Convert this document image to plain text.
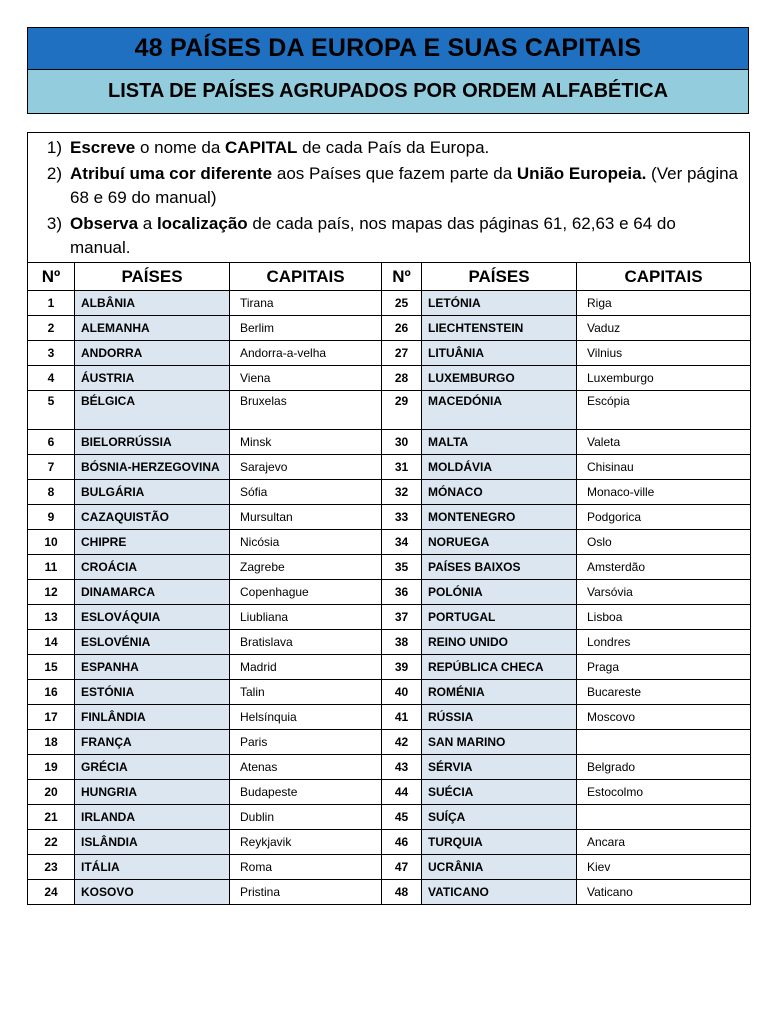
48 PAÍSES DA EUROPA E SUAS CAPITAIS
LISTA DE PAÍSES AGRUPADOS POR ORDEM ALFABÉTICA
1) Escreve o nome da CAPITAL de cada País da Europa.
2) Atribuí uma cor diferente aos Países que fazem parte da União Europeia. (Ver página 68 e 69 do manual)
3) Observa a localização de cada país, nos mapas das páginas 61, 62,63 e 64 do manual.
Nº	PAÍSES	CAPITAIS	Nº	PAÍSES	CAPITAIS
1	ALBÂNIA	Tirana	25	LETÓNIA	Riga
2	ALEMANHA	Berlim	26	LIECHTENSTEIN	Vaduz
3	ANDORRA	Andorra-a-velha	27	LITUÂNIA	Vilnius
4	ÁUSTRIA	Viena	28	LUXEMBURGO	Luxemburgo
5	BÉLGICA	Bruxelas	29	MACEDÓNIA	Escópia
6	BIELORRÚSSIA	Minsk	30	MALTA	Valeta
7	BÓSNIA-HERZEGOVINA	Sarajevo	31	MOLDÁVIA	Chisinau
8	BULGÁRIA	Sófia	32	MÓNACO	Monaco-ville
9	CAZAQUISTÃO	Mursultan	33	MONTENEGRO	Podgorica
10	CHIPRE	Nicósia	34	NORUEGA	Oslo
11	CROÁCIA	Zagrebe	35	PAÍSES BAIXOS	Amsterdão
12	DINAMARCA	Copenhague	36	POLÓNIA	Varsóvia
13	ESLOVÁQUIA	Liubliana	37	PORTUGAL	Lisboa
14	ESLOVÉNIA	Bratislava	38	REINO UNIDO	Londres
15	ESPANHA	Madrid	39	REPÚBLICA CHECA	Praga
16	ESTÓNIA	Talin	40	ROMÉNIA	Bucareste
17	FINLÂNDIA	Helsínquia	41	RÚSSIA	Moscovo
18	FRANÇA	Paris	42	SAN MARINO	
19	GRÉCIA	Atenas	43	SÉRVIA	Belgrado
20	HUNGRIA	Budapeste	44	SUÉCIA	Estocolmo
21	IRLANDA	Dublin	45	SUÍÇA	
22	ISLÂNDIA	Reykjavik	46	TURQUIA	Ancara
23	ITÁLIA	Roma	47	UCRÂNIA	Kiev
24	KOSOVO	Pristina	48	VATICANO	Vaticano
